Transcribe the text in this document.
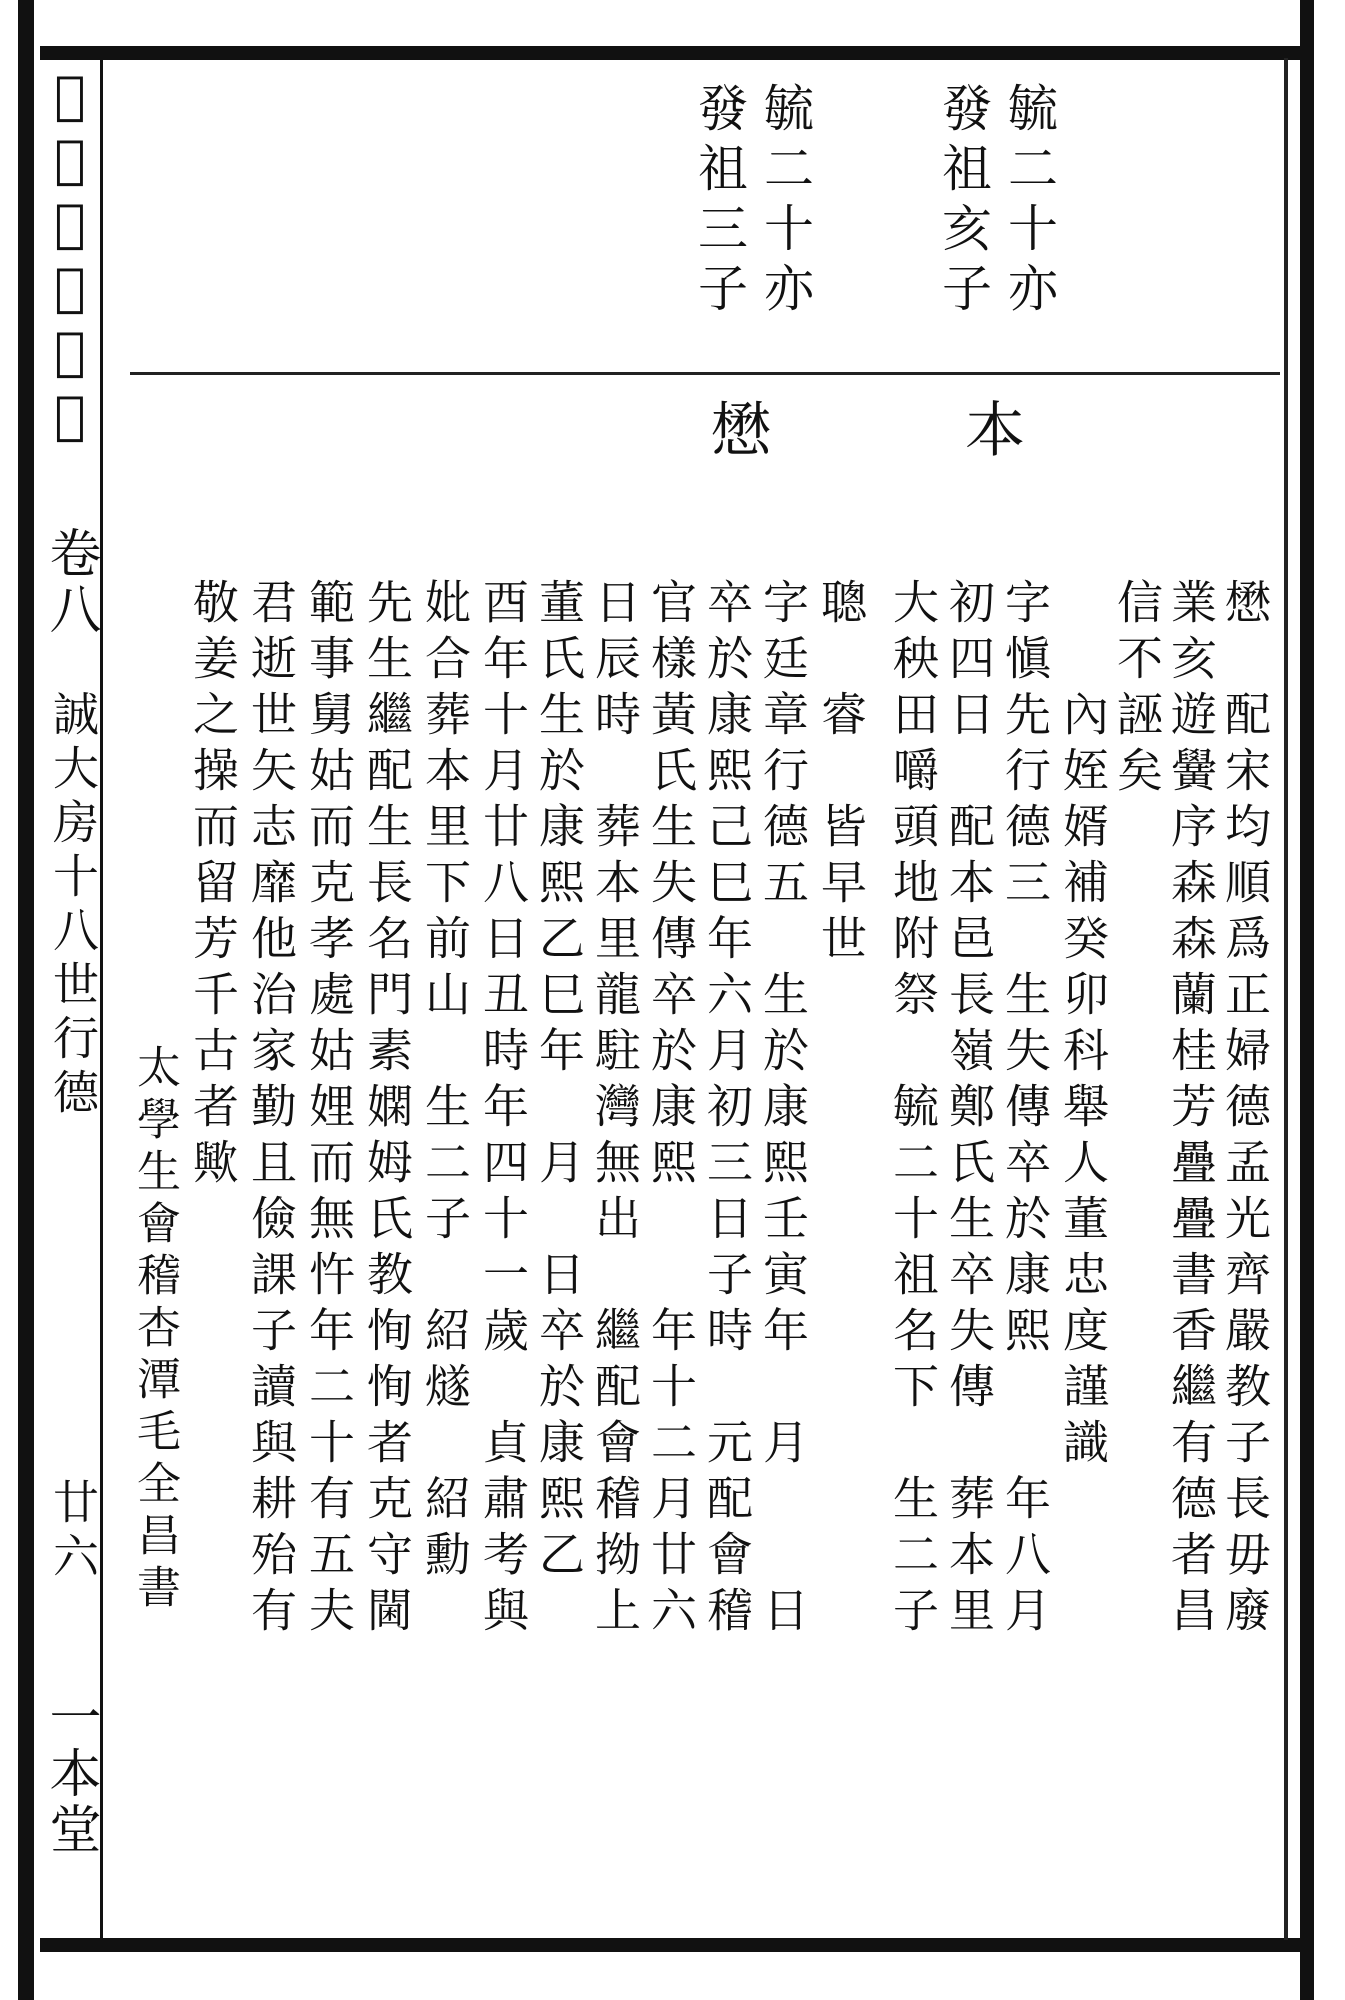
𫍩瀛孫氏宗譜
卷八
誠大房十八世行德
廿六
一本堂
毓二十亦
發祖亥子
毓二十亦
發祖三子
本
懋
懋　配宋均順爲正婦德孟光齊嚴教子長毋廢
業亥遊黌序森森蘭桂芳疊疊書香繼有德者昌
信不誣矣
　　內姪婿補癸卯科舉人董忠度謹識
字愼先行德三　生失傳卒於康熙　　年八月
初四日　配本邑長嶺鄭氏生卒失傳　葬本里
大秧田嚼頭地附祭　毓二十祖名下　生二子
聰　睿　皆早世
字廷章行德五　生於康熙壬寅年　月　　日
卒於康熙己巳年六月初三日子時　元配會稽
官樣黃氏生失傳卒於康熙　　年十二月廿六
日辰時　葬本里龍駐灣無出　繼配會稽拗上
董氏生於康熙乙巳年　月　日卒於康熙乙
酉年十月廿八日丑時年四十一歲　貞肅考與
妣合葬本里下前山　生二子　紹燧　紹勳
先生繼配生長名門素嫻姆氏教恂恂者克守閫
範事舅姑而克孝處姑娌而無忤年二十有五夫
君逝世矢志靡他治家勤且儉課子讀與耕殆有
敬姜之操而留芳千古者歟
　　太學生會稽杏潭毛全昌書
